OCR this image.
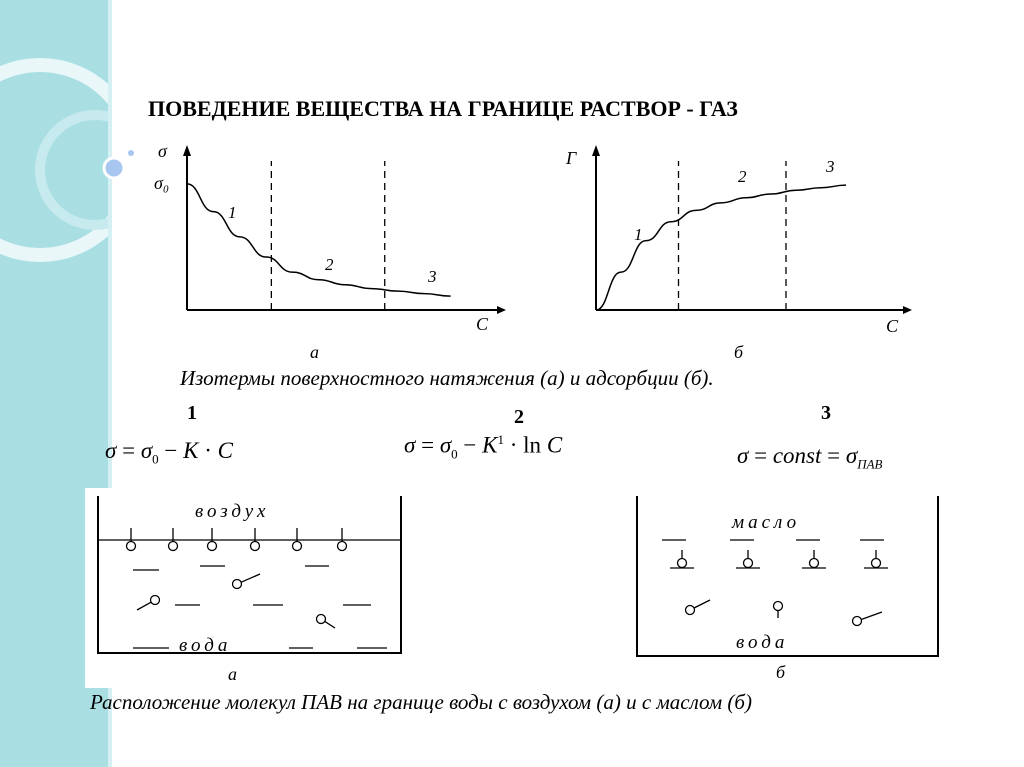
ПОВЕДЕНИЕ ВЕЩЕСТВА НА ГРАНИЦЕ РАСТВОР - ГАЗ
σ
σ₀
C
а
1
2
3
Г
C
б
1
2
3
Изотермы поверхностного натяжения (а) и адсорбции (б).
1	2	3
$\sigma = \sigma_0 - K \cdot C$	$\sigma = \sigma_0 - K^1 \cdot \ln C$	σ = const = $\sigma_{ПАВ}$
воздух
вода
а
масло
вода
б
Расположение молекул ПАВ на границе воды с воздухом (а) и с маслом (б)
